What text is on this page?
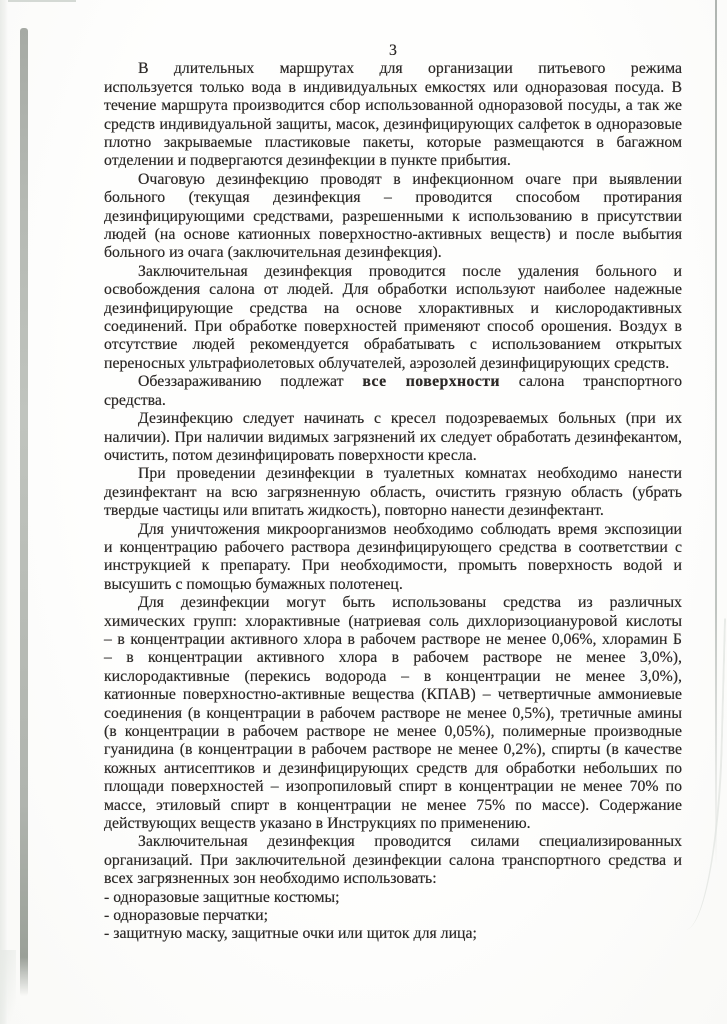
3
В длительных маршрутах для организации питьевого режима
используется только вода в индивидуальных емкостях или одноразовая посуда. В
течение маршрута производится сбор использованной одноразовой посуды, а так же
средств индивидуальной защиты, масок, дезинфицирующих салфеток в одноразовые
плотно закрываемые пластиковые пакеты, которые размещаются в багажном
отделении и подвергаются дезинфекции в пункте прибытия.
Очаговую дезинфекцию проводят в инфекционном очаге при выявлении
больного (текущая дезинфекция – проводится способом протирания
дезинфицирующими средствами, разрешенными к использованию в присутствии
людей (на основе катионных поверхностно-активных веществ) и после выбытия
больного из очага (заключительная дезинфекция).
Заключительная дезинфекция проводится после удаления больного и
освобождения салона от людей. Для обработки используют наиболее надежные
дезинфицирующие средства на основе хлорактивных и кислородактивных
соединений. При обработке поверхностей применяют способ орошения. Воздух в
отсутствие людей рекомендуется обрабатывать с использованием открытых
переносных ультрафиолетовых облучателей, аэрозолей дезинфицирующих средств.
Обеззараживанию подлежат все поверхности салона транспортного
средства.
Дезинфекцию следует начинать с кресел подозреваемых больных (при их
наличии). При наличии видимых загрязнений их следует обработать дезинфекантом,
очистить, потом дезинфицировать поверхности кресла.
При проведении дезинфекции в туалетных комнатах необходимо нанести
дезинфектант на всю загрязненную область, очистить грязную область (убрать
твердые частицы или впитать жидкость), повторно нанести дезинфектант.
Для уничтожения микроорганизмов необходимо соблюдать время экспозиции
и концентрацию рабочего раствора дезинфицирующего средства в соответствии с
инструкцией к препарату. При необходимости, промыть поверхность водой и
высушить с помощью бумажных полотенец.
Для дезинфекции могут быть использованы средства из различных
химических групп: хлорактивные (натриевая соль дихлоризоциануровой кислоты
– в концентрации активного хлора в рабочем растворе не менее 0,06%, хлорамин Б
– в концентрации активного хлора в рабочем растворе не менее 3,0%),
кислородактивные (перекись водорода – в концентрации не менее 3,0%),
катионные поверхностно-активные вещества (КПАВ) – четвертичные аммониевые
соединения (в концентрации в рабочем растворе не менее 0,5%), третичные амины
(в концентрации в рабочем растворе не менее 0,05%), полимерные производные
гуанидина (в концентрации в рабочем растворе не менее 0,2%), спирты (в качестве
кожных антисептиков и дезинфицирующих средств для обработки небольших по
площади поверхностей – изопропиловый спирт в концентрации не менее 70% по
массе, этиловый спирт в концентрации не менее 75% по массе). Содержание
действующих веществ указано в Инструкциях по применению.
Заключительная дезинфекция проводится силами специализированных
организаций. При заключительной дезинфекции салона транспортного средства и
всех загрязненных зон необходимо использовать:
- одноразовые защитные костюмы;
- одноразовые перчатки;
- защитную маску, защитные очки или щиток для лица;
